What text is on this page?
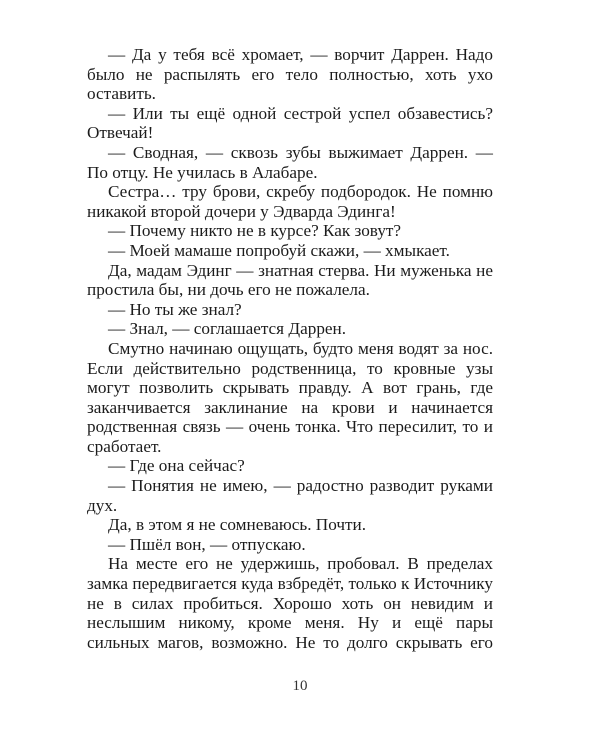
— Да у тебя всё хромает, — ворчит Даррен. Надо было не распылять его тело полностью, хоть ухо оставить.

— Или ты ещё одной сестрой успел обзавестись? Отвечай!

— Сводная, — сквозь зубы выжимает Даррен. — По отцу. Не училась в Алабаре.

Сестра… тру брови, скребу подбородок. Не помню никакой второй дочери у Эдварда Эдинга!

— Почему никто не в курсе? Как зовут?

— Моей мамаше попробуй скажи, — хмыкает.

Да, мадам Эдинг — знатная стерва. Ни муженька не простила бы, ни дочь его не пожалела.

— Но ты же знал?

— Знал, — соглашается Даррен.

Смутно начинаю ощущать, будто меня водят за нос. Если действительно родственница, то кровные узы могут позволить скрывать правду. А вот грань, где заканчивается заклинание на крови и начинается родственная связь — очень тонка. Что пересилит, то и сработает.

— Где она сейчас?

— Понятия не имею, — радостно разводит руками дух.

Да, в этом я не сомневаюсь. Почти.

— Пшёл вон, — отпускаю.

На месте его не удержишь, пробовал. В пределах замка передвигается куда взбредёт, только к Источнику не в силах пробиться. Хорошо хоть он невидим и неслышим никому, кроме меня. Ну и ещё пары сильных магов, возможно. Не то долго скрывать его

10
